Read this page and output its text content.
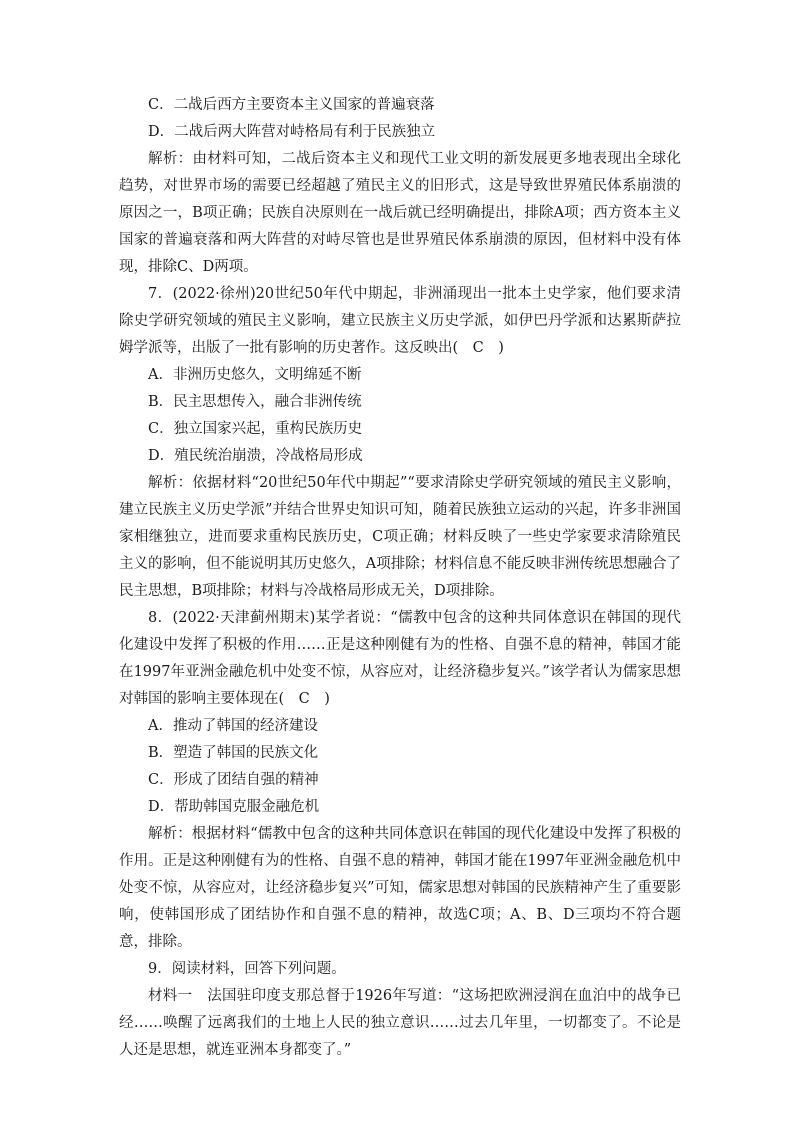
C．二战后西方主要资本主义国家的普遍衰落
D．二战后两大阵营对峙格局有利于民族独立
解析：由材料可知，二战后资本主义和现代工业文明的新发展更多地表现出全球化趋势，对世界市场的需要已经超越了殖民主义的旧形式，这是导致世界殖民体系崩溃的原因之一，B项正确；民族自决原则在一战后就已经明确提出，排除A项；西方资本主义国家的普遍衰落和两大阵营的对峙尽管也是世界殖民体系崩溃的原因，但材料中没有体现，排除C、D两项。
7．(2022·徐州)20世纪50年代中期起，非洲涌现出一批本土史学家，他们要求清除史学研究领域的殖民主义影响，建立民族主义历史学派，如伊巴丹学派和达累斯萨拉姆学派等，出版了一批有影响的历史著作。这反映出(　C　)
A．非洲历史悠久，文明绵延不断
B．民主思想传入，融合非洲传统
C．独立国家兴起，重构民族历史
D．殖民统治崩溃，冷战格局形成
解析：依据材料“20世纪50年代中期起”“要求清除史学研究领域的殖民主义影响，建立民族主义历史学派”并结合世界史知识可知，随着民族独立运动的兴起，许多非洲国家相继独立，进而要求重构民族历史，C项正确；材料反映了一些史学家要求清除殖民主义的影响，但不能说明其历史悠久，A项排除；材料信息不能反映非洲传统思想融合了民主思想，B项排除；材料与冷战格局形成无关，D项排除。
8．(2022·天津蓟州期末)某学者说：“儒教中包含的这种共同体意识在韩国的现代化建设中发挥了积极的作用……正是这种刚健有为的性格、自强不息的精神，韩国才能在1997年亚洲金融危机中处变不惊，从容应对，让经济稳步复兴。”该学者认为儒家思想对韩国的影响主要体现在(　C　)
A．推动了韩国的经济建设
B．塑造了韩国的民族文化
C．形成了团结自强的精神
D．帮助韩国克服金融危机
解析：根据材料“儒教中包含的这种共同体意识在韩国的现代化建设中发挥了积极的作用。正是这种刚健有为的性格、自强不息的精神，韩国才能在1997年亚洲金融危机中处变不惊，从容应对，让经济稳步复兴”可知，儒家思想对韩国的民族精神产生了重要影响，使韩国形成了团结协作和自强不息的精神，故选C项；A、B、D三项均不符合题意，排除。
9．阅读材料，回答下列问题。
材料一　法国驻印度支那总督于1926年写道：“这场把欧洲浸润在血泊中的战争已经……唤醒了远离我们的土地上人民的独立意识……过去几年里，一切都变了。不论是人还是思想，就连亚洲本身都变了。”
